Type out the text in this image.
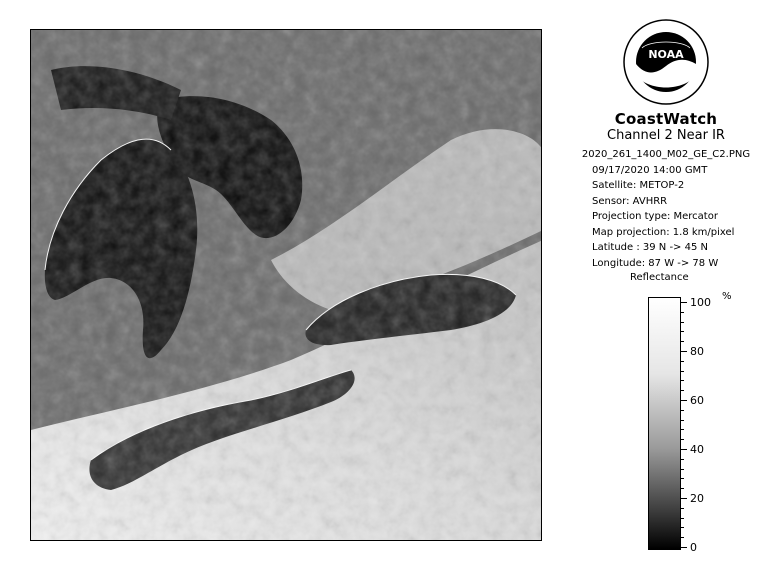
NOAA
CoastWatch
Channel 2 Near IR
2020_261_1400_M02_GE_C2.PNG
09/17/2020 14:00 GMT
Satellite: METOP-2
Sensor: AVHRR
Projection type: Mercator
Map projection: 1.8 km/pixel
Latitude : 39 N -> 45 N
Longitude: 87 W -> 78 W
Reflectance
%
100
80
60
40
20
0
